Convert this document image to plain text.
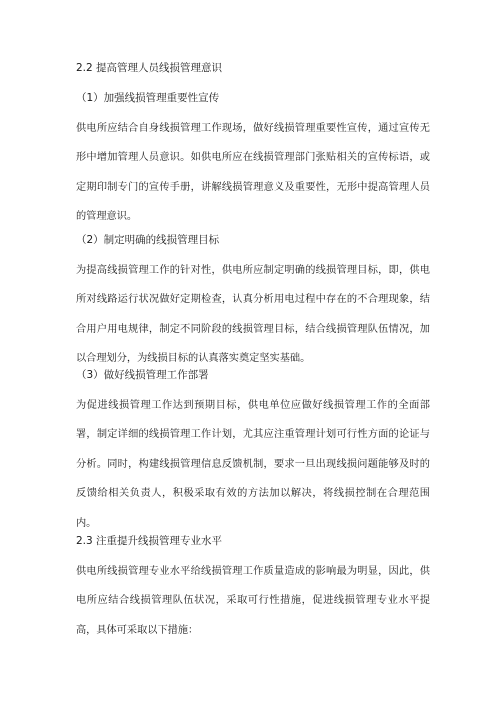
2.2 提高管理人员线损管理意识
（1）加强线损管理重要性宣传
供电所应结合自身线损管理工作现场，做好线损管理重要性宣传，通过宣传无
形中增加管理人员意识。如供电所应在线损管理部门张贴相关的宣传标语，或
定期印制专门的宣传手册，讲解线损管理意义及重要性，无形中提高管理人员
的管理意识。
（2）制定明确的线损管理目标
为提高线损管理工作的针对性，供电所应制定明确的线损管理目标，即，供电
所对线路运行状况做好定期检查，认真分析用电过程中存在的不合理现象，结
合用户用电规律，制定不同阶段的线损管理目标，结合线损管理队伍情况，加
以合理划分，为线损目标的认真落实奠定坚实基础。
（3）做好线损管理工作部署
为促进线损管理工作达到预期目标，供电单位应做好线损管理工作的全面部
署，制定详细的线损管理工作计划，尤其应注重管理计划可行性方面的论证与
分析。同时，构建线损管理信息反馈机制，要求一旦出现线损问题能够及时的
反馈给相关负责人，积极采取有效的方法加以解决，将线损控制在合理范围
内。
2.3 注重提升线损管理专业水平
供电所线损管理专业水平给线损管理工作质量造成的影响最为明显，因此，供
电所应结合线损管理队伍状况，采取可行性措施，促进线损管理专业水平提
高，具体可采取以下措施：
